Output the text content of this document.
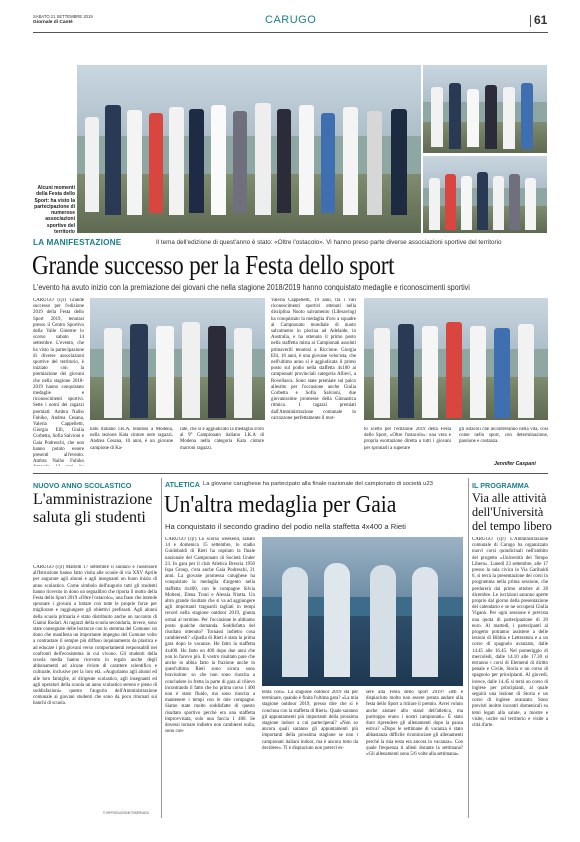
SABATO 21 SETTEMBRE 2019
Giornale di Canté	CARUGO	61
Alcuni momenti della Festa dello Sport: ha visto la partecipazione di numerose associazioni sportive del territorio
LA MANIFESTAZIONE	Il tema dell'edizione di quest'anno è stato: «Oltre l'ostacolo». Vi hanno preso parte diverse associazioni sportive del territorio
Grande successo per la Festa dello sport
L'evento ha avuto inizio con la premiazione dei giovani che nella stagione 2018/2019 hanno conquistato medaglie e riconoscimenti sportivi
CARUGO (cjr) Grande successo per l'edizione 2019 della Festa dello Sport 2019, tenutasi presso il Centro Sportivo della Valle Ginestre lo scorso sabato 14 settembre. L'evento, che ha visto la partecipazione di diverse associazioni sportive del territorio, è iniziato con la premiazione dei giovani che nella stagione 2018-2019 hanno conquistato medaglie e riconoscimenti sportivi. Sette i nomi dei ragazzi premiati: Ambra Naiho Fuhiko, Andrea Cesana, Valeria Cappelletti, Giorgia Elli, Giulia Corbetta, Sofia Salvioni e Gaia Podreschi, che non hanno potuto essere presenti all'evento. Ambra Naiho Fuhiko
nato italiano I.K.A. tenutosi a Modena, nella sezione Kata cinture nere ragazzi. Andrea Cesana, 10 anni, è un giovane campione di Ka-
rate, che si è aggiudicato la medaglia d'oro al 9° Campionato italiano I.K.A di Modena nella categoria Kata cinture marroni ragazzi.
Valeria Cappelletti, 19 anni, tra i vari riconoscimenti sportivi ottenuti nella disciplina Nuoto salvamento (Lifesaving) ha conquistato la medaglia d'oro a squadre al Campionato mondiale di nuoto salvamento in piscina ad Adelaide, in Australia, e ha ottenuto il primo posto nella staffetta mista ai Campionati assoluti primaverili tenutosi a Riccione. Giorgia Elli, 16 anni, è una giovane velocista, che nell'ultimo anno si è aggiudicata il primo posto sul podio nella staffetta 4x100 ai campionati provinciali categoria Allievi, a Rovellasca. Sono state premiate sul palco allestito per l'occasione anche Giulia Corbetta e Sofia Salvioni, due giovanissime promesse della Ginnastica ritmica. I ragazzi premiati dall'Amministrazione comunale in carrozzone perfettamente il mot-
to scelto per l'edizione 2019 della Festa dello Sport, «Oltre l'ostacolo»: una vera e propria esortazione diretta a tutti i giovani per spronarli a superare
gli ostacoli che incontreranno nella vita, così come nello sport, con determinazione, passione e costanza.
Jennifer Caspani
NUOVO ANNO SCOLASTICO
L'amministrazione saluta gli studenti
CARUGO (cjr) Martedì 17 settembre il sindaco e l'assessore all'Istruzione hanno fatto visita alle scuole di via XXV Aprile per augurare agli alunni e agli insegnanti un buon inizio di anno scolastico. Come simbolo dell'augurio tutti gli studenti hanno ricevuto in dono un segnalibro che riporta il motto della Festa dello Sport 2019 «Oltre l'ostacolo», una frase che intende spronare i giovani a lottare con tutte le proprie forze per migliorare e raggiungere gli obiettivi prefissati. Agli alunni della scuola primaria è stato distribuito anche un racconto di Gianni Rodari. Ai ragazzi della scuola secondaria, invece, sono state consegnate delle borracce con lo stemma del Comune: un dono che manifesta un importante impegno del Comune volto a contrastare il sempre più diffuso inquinamento da plastica e ad educare i più giovani verso comportamenti responsabili nei confronti dell'ecosistema in cui vivono. Gli studenti della scuola media hanno ricevuto in regalo anche degli abbonamenti ad alcune riviste di carattere scientifico e culturale, inclusive per la loro età. «Auguriamo agli alunni ed alle loro famiglie, al dirigente scolastico, agli insegnanti ed agli operatori della scuola un anno scolastico sereno e pieno di soddisfazioni» questo l'augurio dell'Amministrazione comunale ai giovani studenti che sono da poco ritornati sui banchi di scuola.
© RIPRODUZIONE RISERVATA
ATLETICA La giovane carughese ha partecipato alla finale nazionale del campionato di società u23
Un'altra medaglia per Gaia
Ha conquistato il secondo gradino del podio nella staffetta 4x400 a Rieti
CARUGO (cjr) Lo scorso weekend, sabato 14 e domenica 15 settembre, lo stadio Guidobaldi di Rieti ha ospitato la finale nazionale del Campionato di Società Under 23. In gara per il club Atletica Brescia 1950 Ispa Group, c'era anche Gaia Podreschi, 21 anni. La giovane promessa carughese ha conquistato la medaglia d'argento nella staffetta 4x400, con le compagne Silvia Molteni, Elena Troni e Alessia Niotta. Un altro grande risultato che si va ad aggiungere agli importanti traguardi tagliati in tempi record nella stagione outdoor 2019, giunta ormai al termine. Per l'occasione le abbiamo posto qualche domanda. Soddisfatta del risultato ottenuto? Tornassi indietro cosa cambieresti? «Quella di Rieti è stata la prima gara dopo le vacanze. Ho fatto la staffetta 4x400. Ho fatto un 400 dopo due anni che non lo facevo più. Il vostro risultato pare che anche io abbia fatto la frazione anche in quest'ultima Rieti sono sicura sono bravissime: so che non sono riuscita a concludere in fretta la parte di gara al rilievo incontrando il fatto che ho prima corso i 400 non è stato fluido, ma sono riuscita a mantenere i tempi con le mie compagne. Siamo state molto soddisfatte di questo risultato sportivo perché era una staffetta improvvisata, solo una faccia 1 400. Se dovessi tornare indietro non cambierei nulla, sono con-
tenta così». La stagione outdoor 2019 sta per terminare, quando è finita l'ultima gara? «La mia stagione outdoor 2019, presso dire che si è conclusa con la staffetta di Rieti». Quale saranno gli appuntamenti più importanti della prossima stagione indoor a cui parteciperai? «Non so ancora quali saranno gli appuntamenti più importanti della prossima stagione se non i campionati italiani indoor, ma è ancora tutto da decidere». Ti è dispiaciuto non poterci es-
sere alla Festa dello sport 2019? «Mi è dispiaciuto molto non essere potuta andare alla festa dello Sport a ritirare il premio. Avrei voluto anche aiutare allo stand dell'atletica, ma purtroppo erano i nostri campionati». È stato duro riprendere gli allenamenti dopo la pausa estiva? «Dopo le settimane di vacanza è stato abbastanza difficile ricominciare gli allenamenti perché la mia testa era ancora in vacanza». Con quale frequenza ti alleni durante la settimana? «Gli allenamenti sono 5/6 volte alla settimana».
IL PROGRAMMA
Via alle attività dell'Università del tempo libero
CARUGO (cjr) L'Amministrazione comunale di Carugo ha organizzato nuovi corsi quindicinali nell'ambito del progetto «Università del Tempo Libero». Lunedì 23 settembre, alle 17 presso la sala civica in Via Garibaldi 6, si terrà la presentazione dei corsi in programma nella prima sessione, che perdurerà dal primo ottobre al 28 dicembre. Le iscrizioni saranno aperte proprio dal giorno della presentazione del calendario e se ne occuperà Giulia Viganò. Per ogni sessione è prevista una quota di partecipazione di 20 euro. Al martedì, i partecipanti al progetto potranno assistere a delle lezioni di Bibbia e Letteratura e a un corso di spagnolo avanzato, dalle 14.45 alle 16.45. Nel pomeriggio di mercoledì, dalle 14.10 alle 17.30 si terranno i corsi di Elementi di diritto penale e Civile, Storia e un corso di spagnolo per principianti. Al giovedì, invece, dalle 14.45 si terrà un corso di inglese per principianti, al quale seguirà una lezione di Storia e un corso di inglese avanzato. Sono previsti inoltre incontri domenicali su temi legati alla salute, a mostre e visite, uscite sul territorio e visite a città d'arte.
